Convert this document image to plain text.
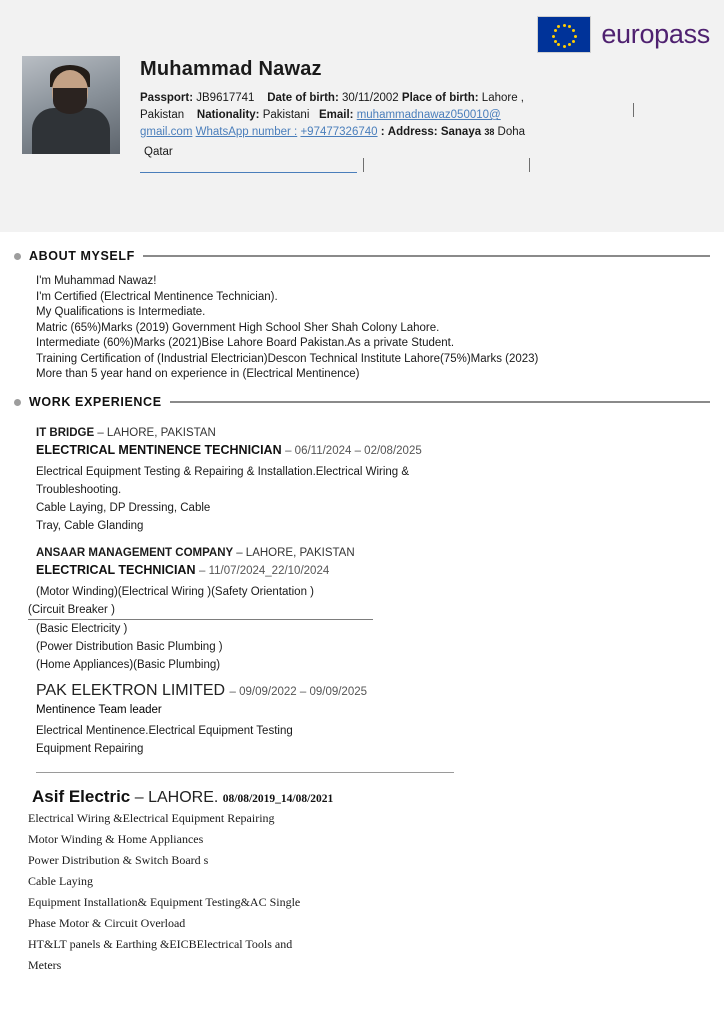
europass
Muhammad Nawaz
Passport: JB9617741 Date of birth: 30/11/2002 Place of birth: Lahore ,
Pakistan Nationality: Pakistani Email: muhammadnawaz050010@
gmail.com WhatsApp number : +97477326740 : Address: Sanaya 38 Doha
Qatar
ABOUT MYSELF
I'm Muhammad Nawaz!
I'm Certified (Electrical Mentinence Technician).
My Qualifications is Intermediate.
Matric (65%)Marks (2019) Government High School Sher Shah Colony Lahore.
Intermediate (60%)Marks (2021)Bise Lahore Board Pakistan.As a private Student.
Training Certification of (Industrial Electrician)Descon Technical Institute Lahore(75%)Marks (2023)
More than 5 year hand on experience in (Electrical Mentinence)
WORK EXPERIENCE
IT BRIDGE – LAHORE, PAKISTAN
ELECTRICAL MENTINENCE TECHNICIAN – 06/11/2024 – 02/08/2025
Electrical Equipment Testing & Repairing & Installation.Electrical Wiring &
Troubleshooting.
Cable Laying, DP Dressing, Cable
Tray, Cable Glanding
ANSAAR MANAGEMENT COMPANY – LAHORE, PAKISTAN
ELECTRICAL TECHNICIAN – 11/07/2024_22/10/2024
(Motor Winding)(Electrical Wiring )(Safety Orientation )
(Circuit Breaker )
(Basic Electricity )
(Power Distribution Basic Plumbing )
(Home Appliances)(Basic Plumbing)
PAK ELEKTRON LIMITED – 09/09/2022 – 09/09/2025
Mentinence Team leader
Electrical Mentinence.Electrical Equipment Testing
Equipment Repairing
Asif Electric – LAHORE. 08/08/2019_14/08/2021
Electrical Wiring &Electrical Equipment Repairing
Motor Winding & Home Appliances
Power Distribution & Switch Board s
Cable Laying
Equipment Installation& Equipment Testing&AC Single
Phase Motor & Circuit Overload
HT&LT panels & Earthing &EICBElectrical Tools and
Meters
